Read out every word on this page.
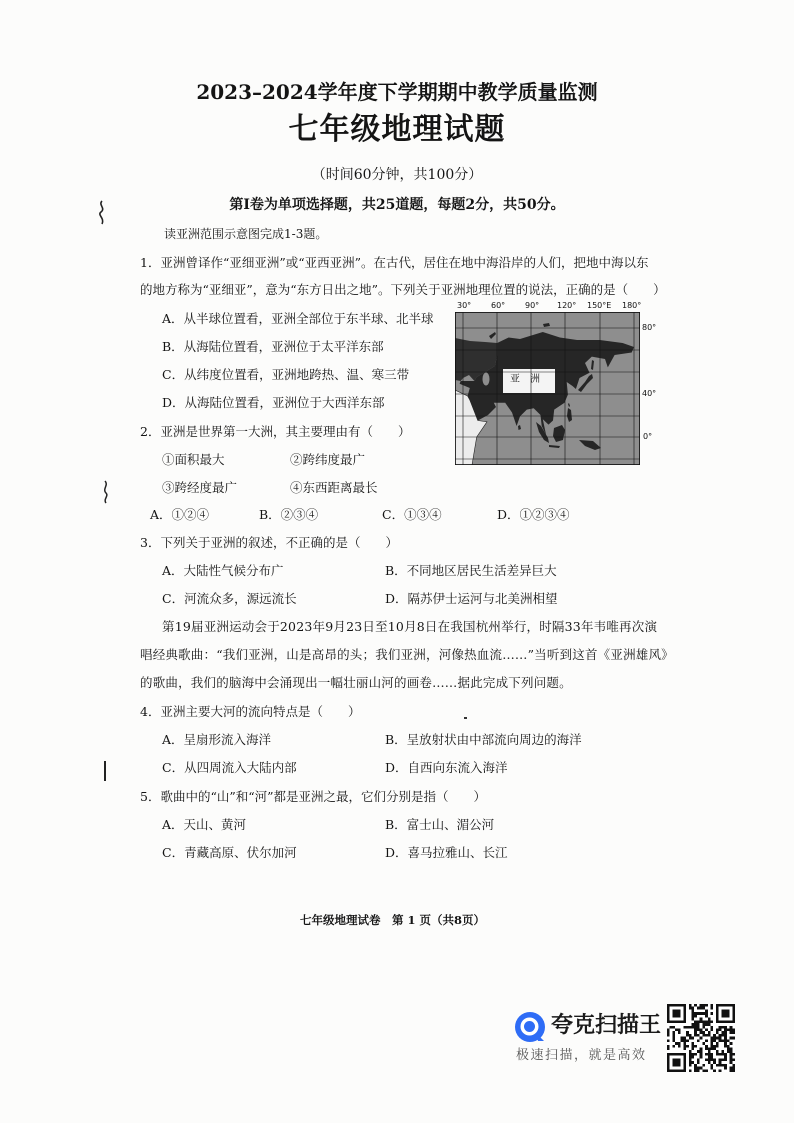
2023–2024学年度下学期期中教学质量监测
七年级地理试题
（时间60分钟，共100分）
第Ⅰ卷为单项选择题，共25道题，每题2分，共50分。
读亚洲范围示意图完成1-3题。
1．亚洲曾译作“亚细亚洲”或“亚西亚洲”。在古代，居住在地中海沿岸的人们，把地中海以东
的地方称为“亚细亚”，意为“东方日出之地”。下列关于亚洲地理位置的说法，正确的是（　　）
A．从半球位置看，亚洲全部位于东半球、北半球
B．从海陆位置看，亚洲位于太平洋东部
C．从纬度位置看，亚洲地跨热、温、寒三带
D．从海陆位置看，亚洲位于大西洋东部
30° 60° 90° 120° 150°E 180°
80°
40°
0°
亚　洲
2．亚洲是世界第一大洲，其主要理由有（　　）
①面积最大	②跨纬度最广
③跨经度最广	④东西距离最长
A．①②④	B．②③④	C．①③④	D．①②③④
3．下列关于亚洲的叙述，不正确的是（　　）
A．大陆性气候分布广	B．不同地区居民生活差异巨大
C．河流众多，源远流长	D．隔苏伊士运河与北美洲相望
第19届亚洲运动会于2023年9月23日至10月8日在我国杭州举行，时隔33年韦唯再次演
唱经典歌曲：“我们亚洲，山是高昂的头；我们亚洲，河像热血流……”当听到这首《亚洲雄风》
的歌曲，我们的脑海中会涌现出一幅壮丽山河的画卷……据此完成下列问题。
4．亚洲主要大河的流向特点是（　　）
A．呈扇形流入海洋	B．呈放射状由中部流向周边的海洋
C．从四周流入大陆内部	D．自西向东流入海洋
5．歌曲中的“山”和“河”都是亚洲之最，它们分别是指（　　）
A．天山、黄河	B．富士山、湄公河
C．青藏高原、伏尔加河	D．喜马拉雅山、长江
七年级地理试卷　第 1 页（共8页）
夸克扫描王
极速扫描，就是高效
